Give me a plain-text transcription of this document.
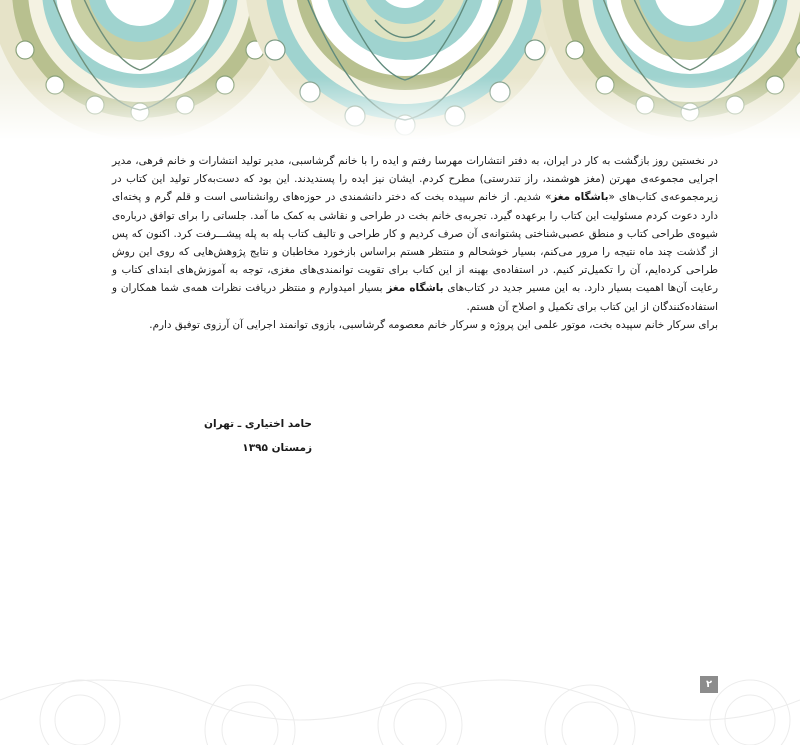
در نخستین روز بازگشت به کار در ایران، به دفتر انتشارات مهرسا رفتم و ایده را با خانم گرشاسبی، مدیر تولید انتشارات و خانم فرهی، مدیر اجرایی مجموعه‌ی مهرتن (مغز هوشمند، راز تندرستی) مطرح کردم. ایشان نیز ایده را پسندیدند. این بود که دست‌به‌کار تولید این کتاب در زیرمجموعه‌ی کتاب‌های «باشگاه مغز» شدیم. از خانم سپیده بخت که دختر دانشمندی در حوزه‌های روانشناسی است و قلم گرم و پخته‌ای دارد دعوت کردم مسئولیت این کتاب را برعهده گیرد. تجربه‌ی خانم بخت در طراحی و نقاشی به کمک ما آمد. جلساتی را برای توافق درباره‌ی شیوه‌ی طراحی کتاب و منطق عصبی‌شناختی پشتوانه‌ی آن صرف کردیم و کار طراحی و تالیف کتاب پله به پله پیشـــرفت کرد. اکنون که پس از گذشت چند ماه نتیجه را مرور می‌کنم، بسیار خوشحالم و منتظر هستم براساس بازخورد مخاطبان و نتایج پژوهش‌هایی که روی این روش طراحی کرده‌ایم، آن را تکمیل‌تر کنیم. در استفاده‌ی بهینه از این کتاب برای تقویت توانمندی‌های مغزی، توجه به آموزش‌های ابتدای کتاب و رعایت آن‌ها اهمیت بسیار دارد. به این مسیر جدید در کتاب‌های باشگاه مغز بسیار امیدوارم و منتظر دریافت نظرات همه‌ی شما همکاران و استفاده‌کنندگان از این کتاب برای تکمیل و اصلاح آن هستم.

برای سرکار خانم سپیده بخت، موتور علمی این پروژه و سرکار خانم معصومه گرشاسبی، بازوی توانمند اجرایی آن آرزوی توفیق دارم.

حامد اختیاری ـ تهران
زمستان ۱۳۹۵
۲
